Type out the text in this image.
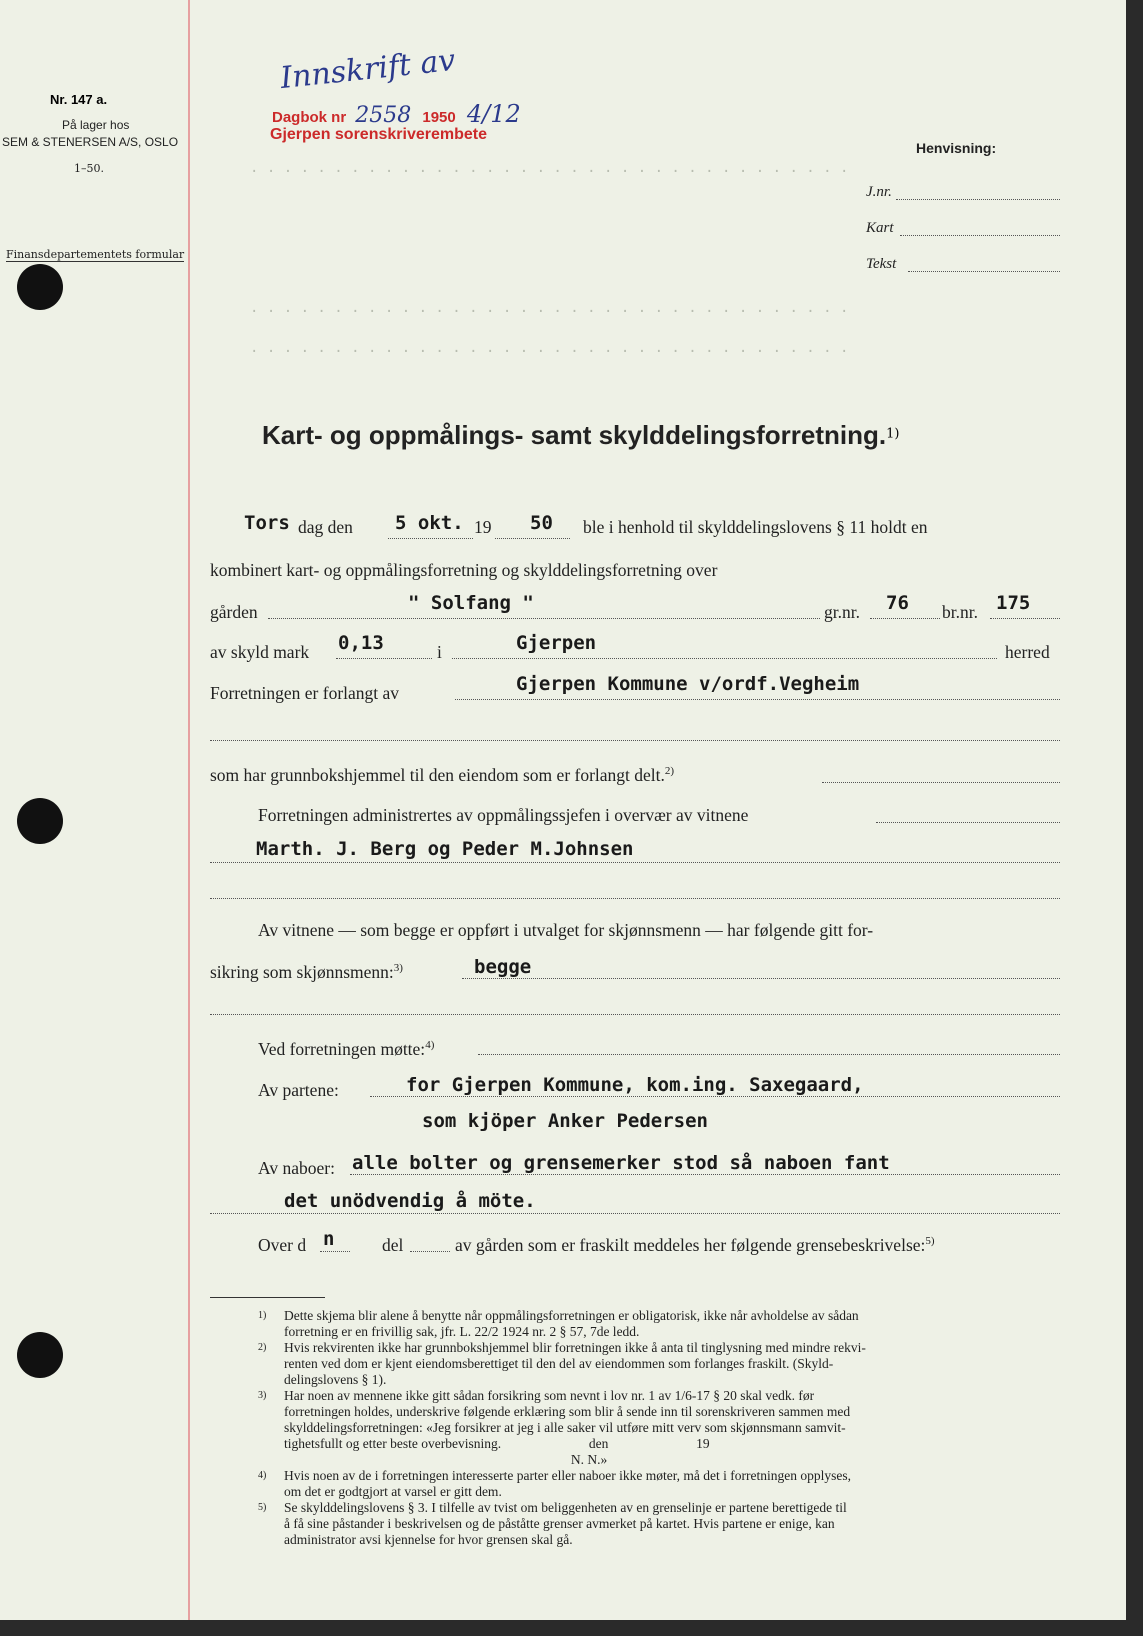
Nr. 147 a.
På lager hos
SEM & STENERSEN A/S, OSLO
1–50.
Finansdepartementets formular
Innskrift av
Dagbok nr 2558 1950 4/12
Gjerpen sorenskriverembete
Henvisning:
J.nr.
Kart
Tekst
Kart- og oppmålings- samt skylddelingsforretning.$^{1)}$
Tors dag den 5 okt. 19 50 ble i henhold til skylddelingslovens § 11 holdt en
kombinert kart- og oppmålingsforretning og skylddelingsforretning over
gården	" Solfang "	gr.nr. 76 br.nr. 175
av skyld mark 0,13	i	Gjerpen	herred
Forretningen er forlangt av	Gjerpen Kommune v/ordf.Vegheim
som har grunnbokshjemmel til den eiendom som er forlangt delt.$^{2)}$
Forretningen administrertes av oppmålingssjefen i overvær av vitnene
Marth. J. Berg og Peder M.Johnsen
Av vitnene — som begge er oppført i utvalget for skjønnsmenn — har følgende gitt for-
sikring som skjønnsmenn:$^{3)}$	begge
Ved forretningen møtte:$^{4)}$
Av partene:	for Gjerpen Kommune, kom.ing. Saxegaard,
som kjöper Anker Pedersen
Av naboer: alle bolter og grensemerker stod så naboen fant
det unödvendig å möte.
Over d n	del	av gården som er fraskilt meddeles her følgende grensebeskrivelse:$^{5)}$
. . . . . . . . . . . . . . . . . . . . . . . . . . . . . . . . . . . .
. . . . . . . . . . . . . . . . . . . . . . . . . . . . . . . . . . . .
. . . . . . . . . . . . . . . . . . . . . . . . . . . . . . . . . . . .
1)	Dette skjema blir alene å benytte når oppmålingsforretningen er obligatorisk, ikke når avholdelse av sådan
forretning er en frivillig sak, jfr. L. 22/2 1924 nr. 2 § 57, 7de ledd.
2)	Hvis rekvirenten ikke har grunnbokshjemmel blir forretningen ikke å anta til tinglysning med mindre rekvi-
renten ved dom er kjent eiendomsberettiget til den del av eiendommen som forlanges fraskilt. (Skyld-
delingslovens § 1).
3)	Har noen av mennene ikke gitt sådan forsikring som nevnt i lov nr. 1 av 1/6-17 § 20 skal vedk. før
forretningen holdes, underskrive følgende erklæring som blir å sende inn til sorenskriveren sammen med
skylddelingsforretningen: «Jeg forsikrer at jeg i alle saker vil utføre mitt verv som skjønnsmann samvit-
tighetsfullt og etter beste overbevisning.                          den                          19
N. N.»
4)	Hvis noen av de i forretningen interesserte parter eller naboer ikke møter, må det i forretningen opplyses,
om det er godtgjort at varsel er gitt dem.
5)	Se skylddelingslovens § 3. I tilfelle av tvist om beliggenheten av en grenselinje er partene berettigede til
å få sine påstander i beskrivelsen og de påståtte grenser avmerket på kartet. Hvis partene er enige, kan
administrator avsi kjennelse for hvor grensen skal gå.
